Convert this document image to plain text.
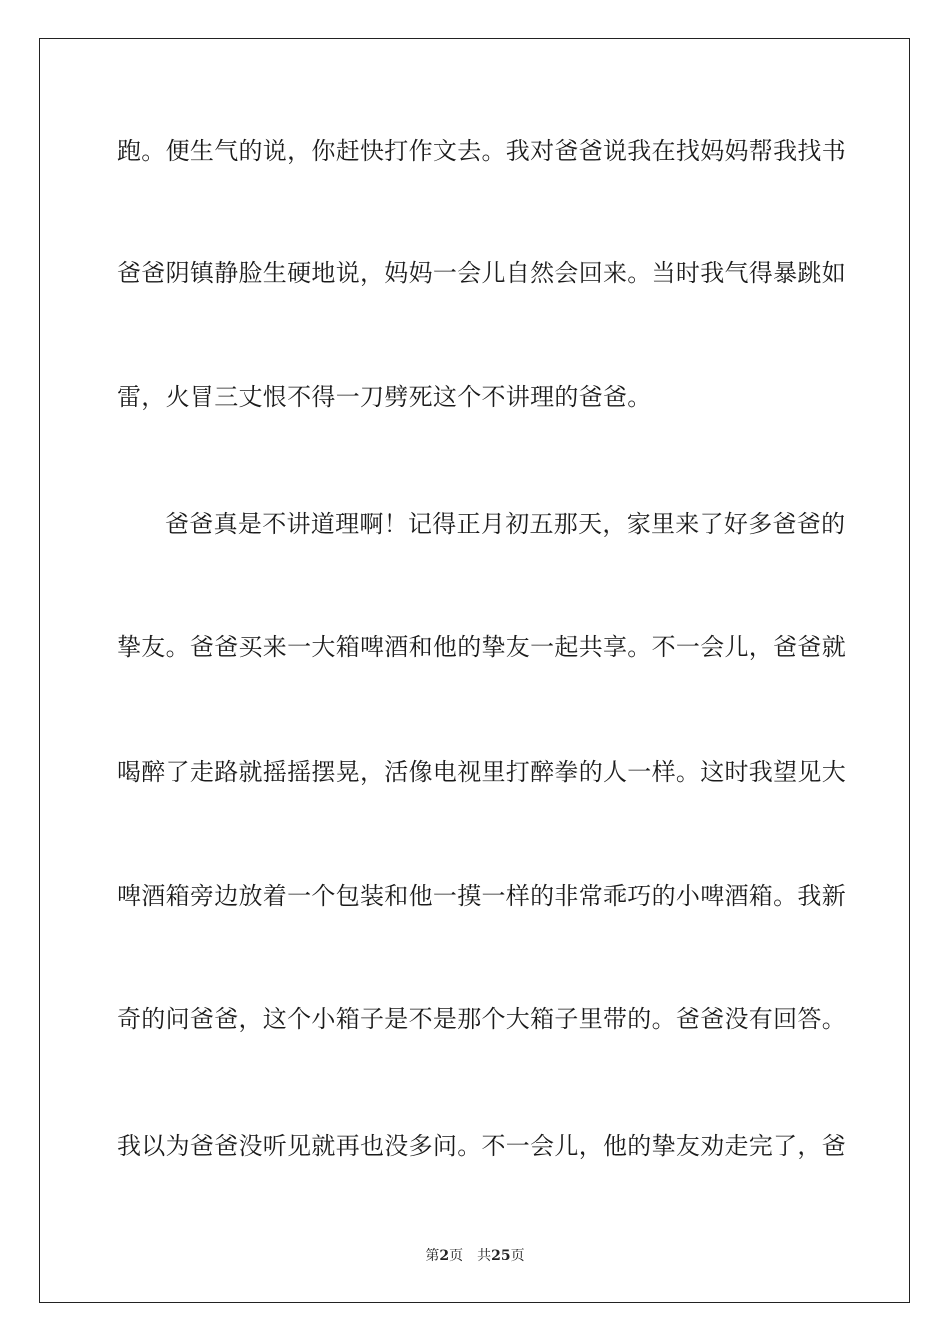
跑。便生气的说，你赶快打作文去。我对爸爸说我在找妈妈帮我找书
爸爸阴镇静脸生硬地说，妈妈一会儿自然会回来。当时我气得暴跳如
雷，火冒三丈恨不得一刀劈死这个不讲理的爸爸。
爸爸真是不讲道理啊！记得正月初五那天，家里来了好多爸爸的
挚友。爸爸买来一大箱啤酒和他的挚友一起共享。不一会儿，爸爸就
喝醉了走路就摇摇摆晃，活像电视里打醉拳的人一样。这时我望见大
啤酒箱旁边放着一个包装和他一摸一样的非常乖巧的小啤酒箱。我新
奇的问爸爸，这个小箱子是不是那个大箱子里带的。爸爸没有回答。
我以为爸爸没听见就再也没多问。不一会儿，他的挚友劝走完了，爸
第2页 共25页
